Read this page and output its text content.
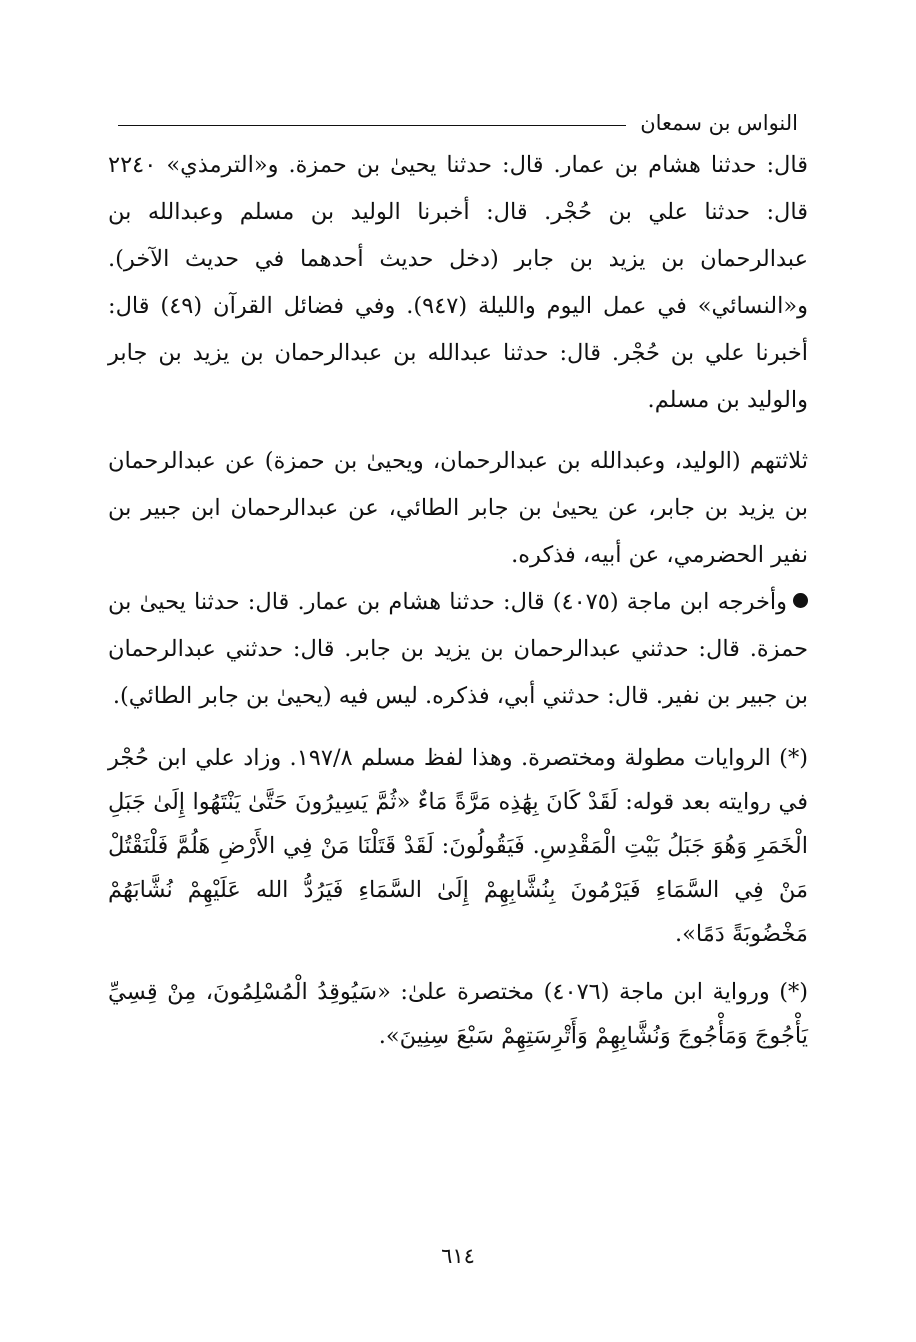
النواس بن سمعان

قال: حدثنا هشام بن عمار. قال: حدثنا يحيىٰ بن حمزة. و«الترمذي» ٢٢٤٠ قال: حدثنا علي بن حُجْر. قال: أخبرنا الوليد بن مسلم وعبدالله بن عبدالرحمان بن يزيد بن جابر (دخل حديث أحدهما في حديث الآخر). و«النسائي» في عمل اليوم والليلة (٩٤٧). وفي فضائل القرآن (٤٩) قال: أخبرنا علي بن حُجْر. قال: حدثنا عبدالله بن عبدالرحمان بن يزيد بن جابر والوليد بن مسلم.

ثلاثتهم (الوليد، وعبدالله بن عبدالرحمان، ويحيىٰ بن حمزة) عن عبدالرحمان بن يزيد بن جابر، عن يحيىٰ بن جابر الطائي، عن عبدالرحمان ابن جبير بن نفير الحضرمي، عن أبيه، فذكره.

وأخرجه ابن ماجة (٤٠٧٥) قال: حدثنا هشام بن عمار. قال: حدثنا يحيىٰ بن حمزة. قال: حدثني عبدالرحمان بن يزيد بن جابر. قال: حدثني عبدالرحمان بن جبير بن نفير. قال: حدثني أبي، فذكره. ليس فيه (يحيىٰ بن جابر الطائي).

(*) الروايات مطولة ومختصرة. وهذا لفظ مسلم ١٩٧/٨. وزاد علي ابن حُجْر في روايته بعد قوله: لَقَدْ كَانَ بِهَٰذِه مَرَّةً مَاءٌ «ثُمَّ يَسِيرُونَ حَتَّىٰ يَنْتَهُوا إِلَىٰ جَبَلِ الْخَمَرِ وَهُوَ جَبَلُ بَيْتِ الْمَقْدِسِ. فَيَقُولُونَ: لَقَدْ قَتَلْنَا مَنْ فِي الأَرْضِ هَلُمَّ فَلْنَقْتُلْ مَنْ فِي السَّمَاءِ فَيَرْمُونَ بِنُشَّابِهِمْ إِلَىٰ السَّمَاءِ فَيَرُدُّ الله عَلَيْهِمْ نُشَّابَهُمْ مَخْضُوبَةً دَمًا».

(*) ورواية ابن ماجة (٤٠٧٦) مختصرة علىٰ: «سَيُوقِدُ الْمُسْلِمُونَ، مِنْ قِسِيِّ يَأْجُوجَ وَمَأْجُوجَ وَنُشَّابِهِمْ وَأَتْرِسَتِهِمْ سَبْعَ سِنِينَ».

٦١٤
